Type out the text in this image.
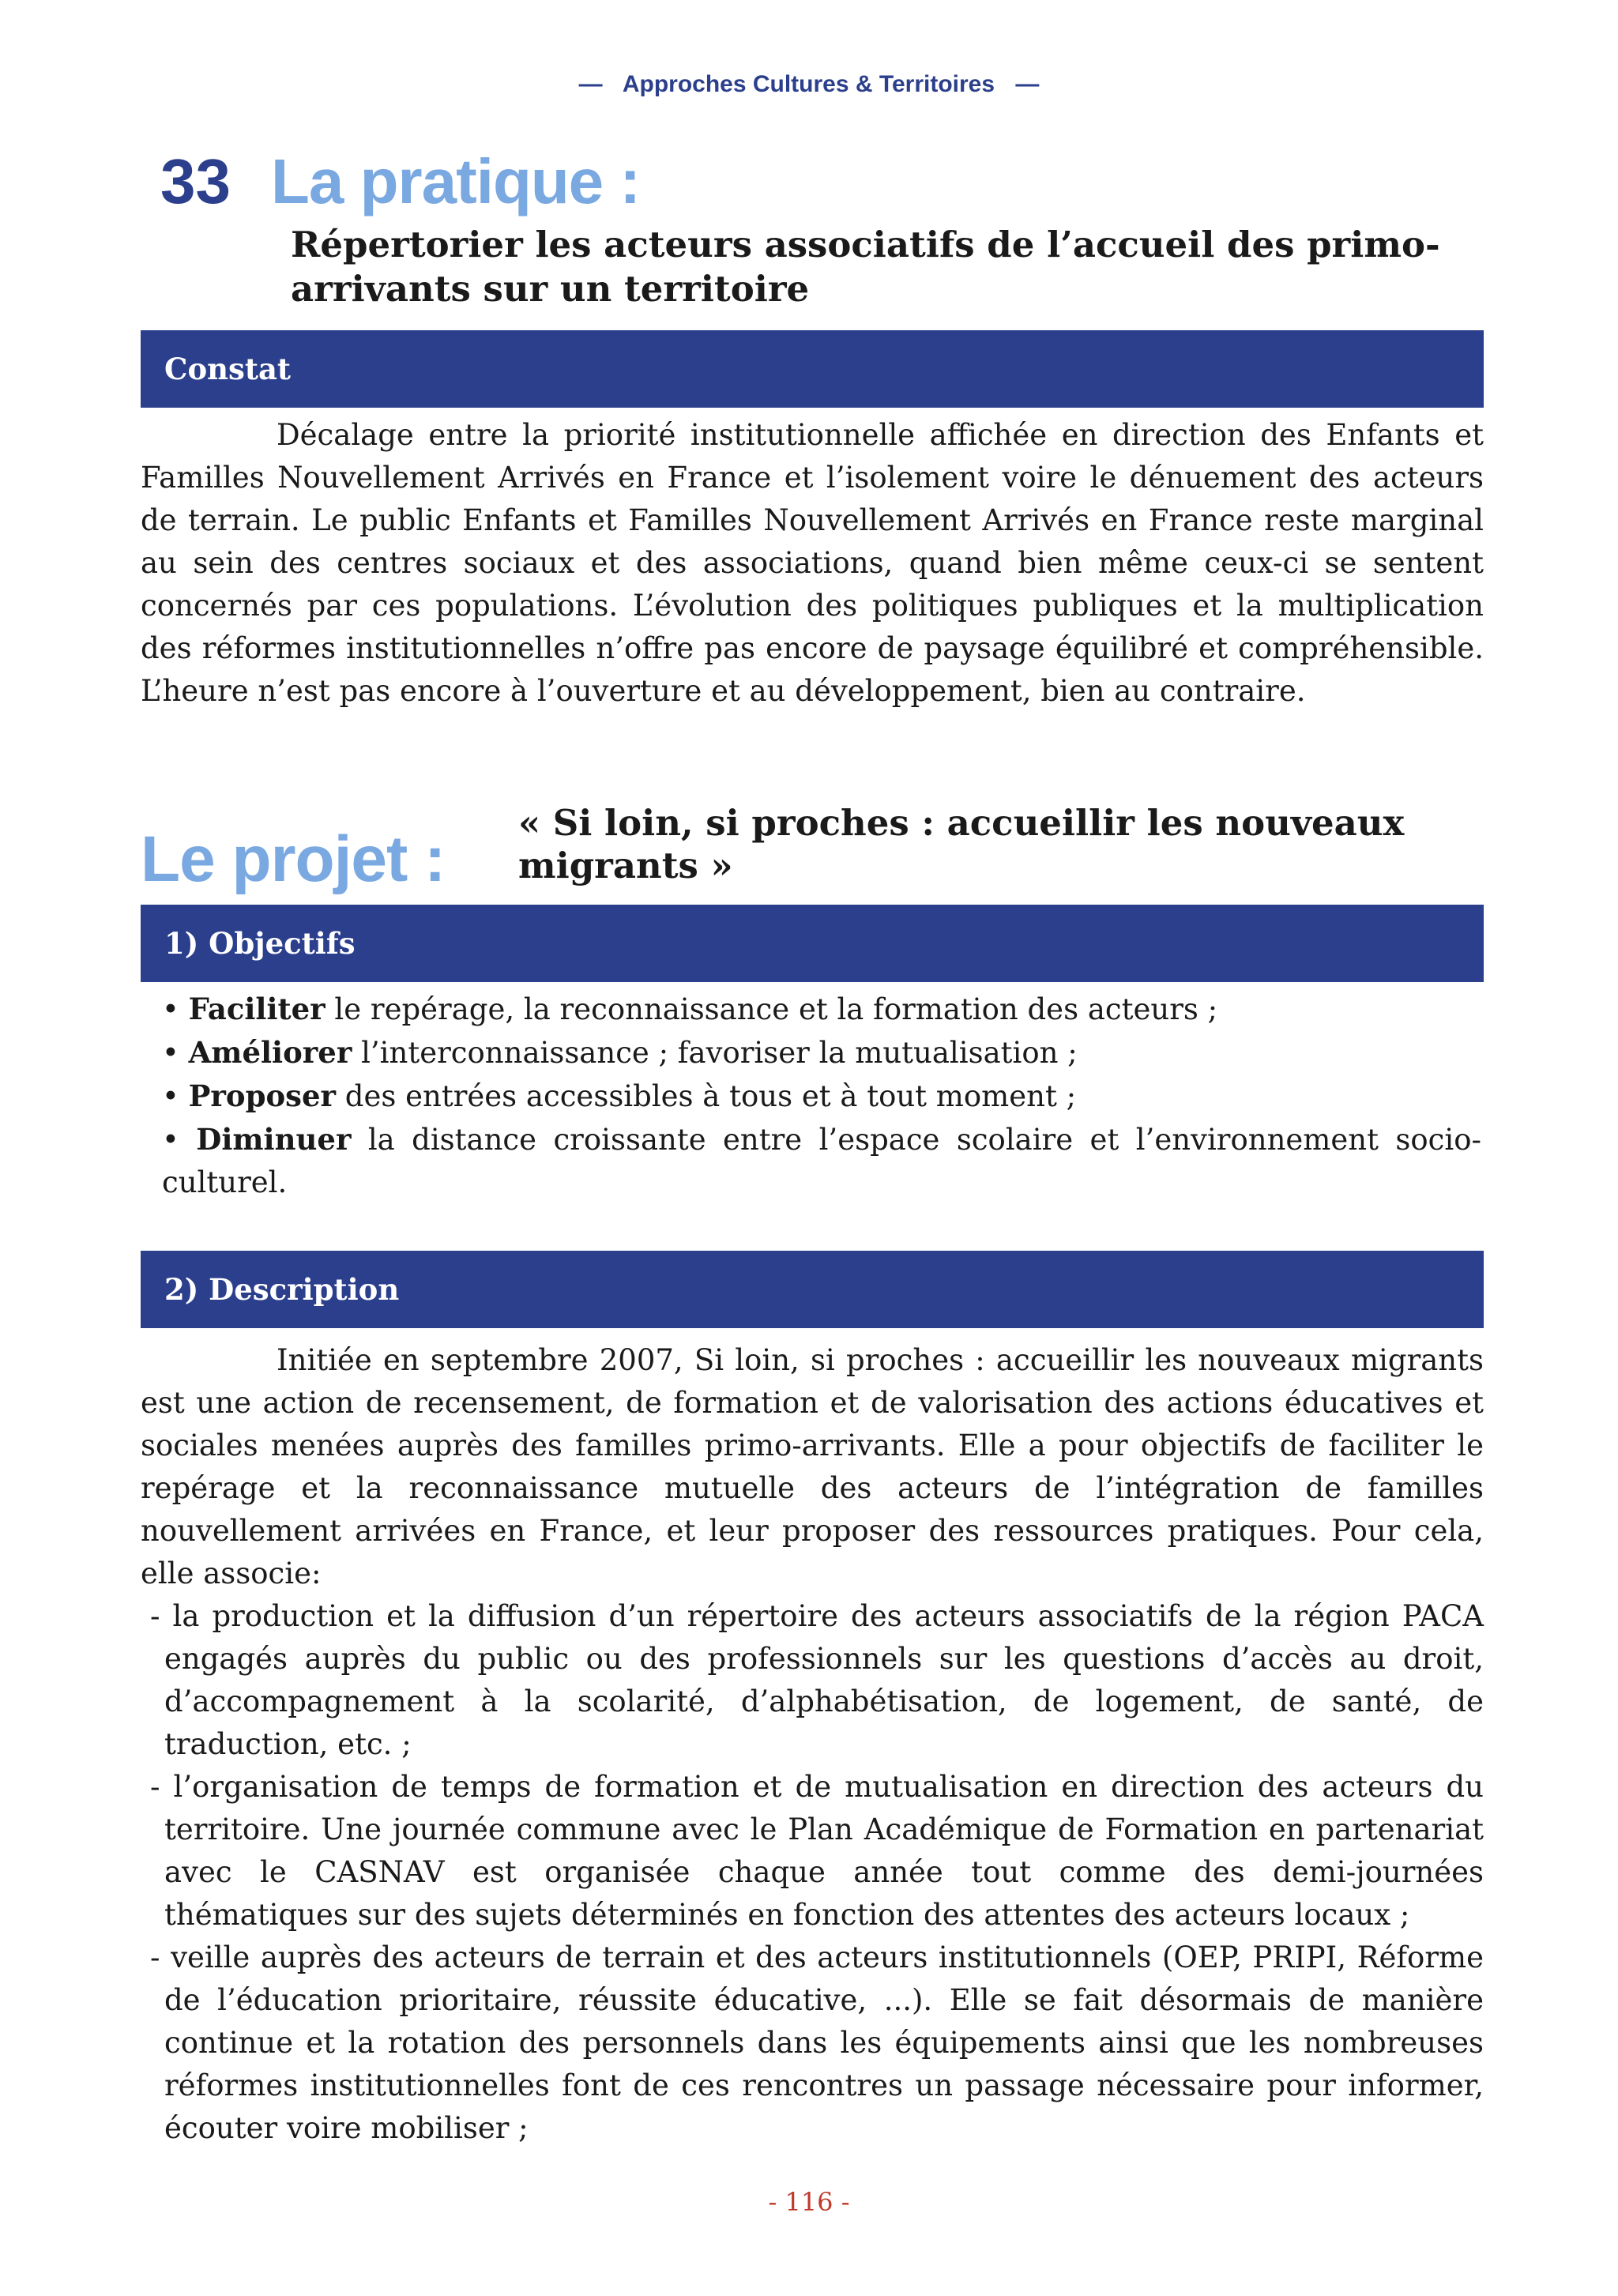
— Approches Cultures & Territoires —
33 La pratique :
Répertorier les acteurs associatifs de l’accueil des primo-arrivants sur un territoire
Constat

Décalage entre la priorité institutionnelle affichée en direction des Enfants et Familles Nouvellement Arrivés en France et l’isolement voire le dénuement des acteurs de terrain. Le public Enfants et Familles Nouvellement Arrivés en France reste marginal au sein des centres sociaux et des associations, quand bien même ceux-ci se sentent concernés par ces populations. L’évolution des politiques publiques et la multiplication des réformes institutionnelles n’offre pas encore de paysage équilibré et compréhensible. L’heure n’est pas encore à l’ouverture et au développement, bien au contraire.

Le projet :
« Si loin, si proches : accueillir les nouveaux migrants »
1) Objectifs

• Faciliter le repérage, la reconnaissance et la formation des acteurs ;

• Améliorer l’interconnaissance ; favoriser la mutualisation ;

• Proposer des entrées accessibles à tous et à tout moment ;

• Diminuer la distance croissante entre l’espace scolaire et l’environnement socio-culturel.

2) Description

Initiée en septembre 2007, Si loin, si proches : accueillir les nouveaux migrants est une action de recensement, de formation et de valorisation des actions éducatives et sociales menées auprès des familles primo-arrivants. Elle a pour objectifs de faciliter le repérage et la reconnaissance mutuelle des acteurs de l’intégration de familles nouvellement arrivées en France, et leur proposer des ressources pratiques. Pour cela, elle associe:

- la production et la diffusion d’un répertoire des acteurs associatifs de la région PACA engagés auprès du public ou des professionnels sur les questions d’accès au droit, d’accompagnement à la scolarité, d’alphabétisation, de logement, de santé, de traduction, etc. ;

- l’organisation de temps de formation et de mutualisation en direction des acteurs du territoire. Une journée commune avec le Plan Académique de Formation en partenariat avec le CASNAV est organisée chaque année tout comme des demi-journées thématiques sur des sujets déterminés en fonction des attentes des acteurs locaux ;

- veille auprès des acteurs de terrain et des acteurs institutionnels (OEP, PRIPI, Réforme de l’éducation prioritaire, réussite éducative, ...). Elle se fait désormais de manière continue et la rotation des personnels dans les équipements ainsi que les nombreuses réformes institutionnelles font de ces rencontres un passage nécessaire pour informer, écouter voire mobiliser ;

- 116 -
